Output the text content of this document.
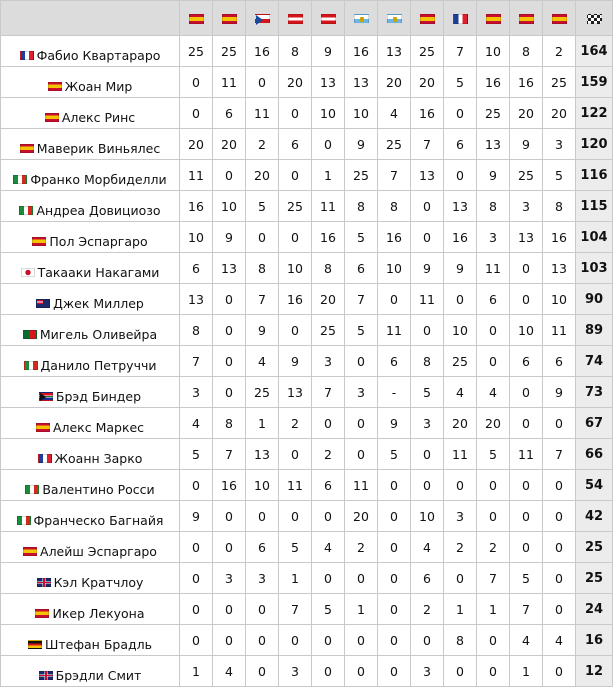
Фабио Квартараро	25	25	16	8	9	16	13	25	7	10	8	2	164
Жоан Мир	0	11	0	20	13	13	20	20	5	16	16	25	159
Алекс Ринс	0	6	11	0	10	10	4	16	0	25	20	20	122
Маверик Виньялес	20	20	2	6	0	9	25	7	6	13	9	3	120
Франко Морбиделли	11	0	20	0	1	25	7	13	0	9	25	5	116
Андреа Довициозо	16	10	5	25	11	8	8	0	13	8	3	8	115
Пол Эспаргаро	10	9	0	0	16	5	16	0	16	3	13	16	104
Такааки Накагами	6	13	8	10	8	6	10	9	9	11	0	13	103
Джек Миллер	13	0	7	16	20	7	0	11	0	6	0	10	90
Мигель Оливейра	8	0	9	0	25	5	11	0	10	0	10	11	89
Данило Петруччи	7	0	4	9	3	0	6	8	25	0	6	6	74
Брэд Биндер	3	0	25	13	7	3	-	5	4	4	0	9	73
Алекс Маркес	4	8	1	2	0	0	9	3	20	20	0	0	67
Жоанн Зарко	5	7	13	0	2	0	5	0	11	5	11	7	66
Валентино Росси	0	16	10	11	6	11	0	0	0	0	0	0	54
Франческо Багнайя	9	0	0	0	0	20	0	10	3	0	0	0	42
Алейш Эспаргаро	0	0	6	5	4	2	0	4	2	2	0	0	25
Кэл Кратчлоу	0	3	3	1	0	0	0	6	0	7	5	0	25
Икер Лекуона	0	0	0	7	5	1	0	2	1	1	7	0	24
Штефан Брадль	0	0	0	0	0	0	0	0	8	0	4	4	16
Брэдли Смит	1	4	0	3	0	0	0	3	0	0	1	0	12
